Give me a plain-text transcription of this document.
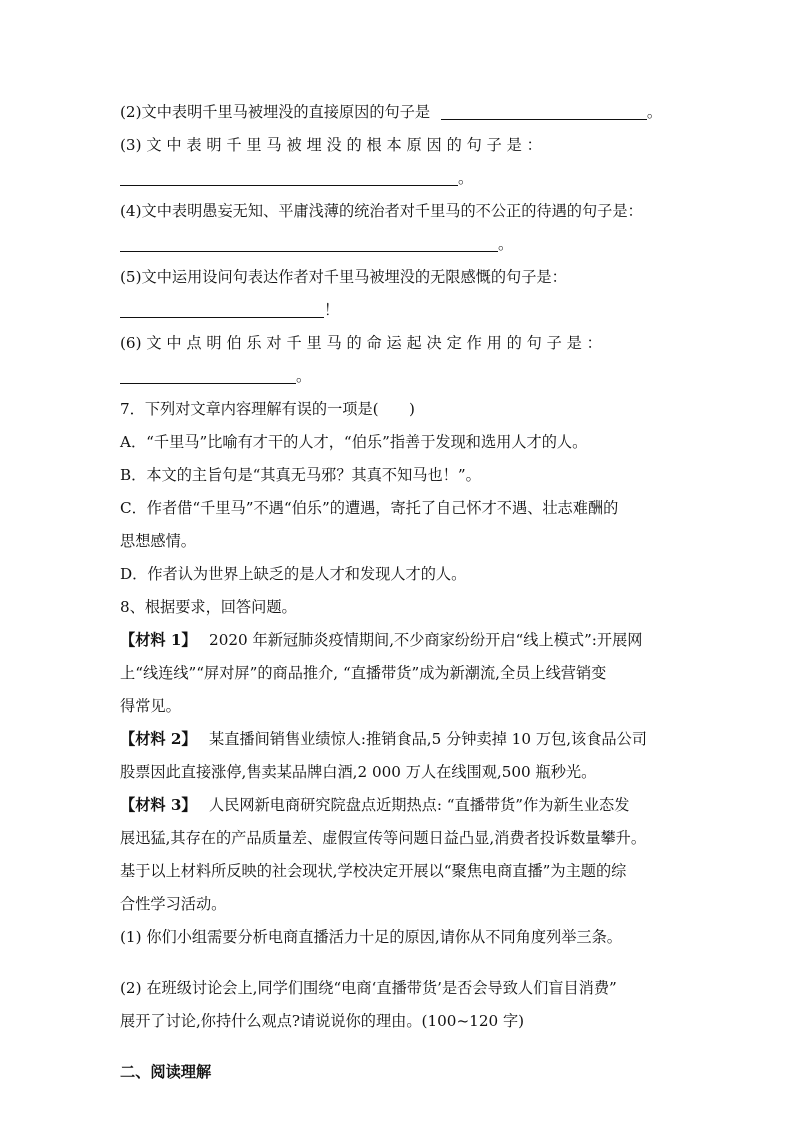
(2)文中表明千里马被埋没的直接原因的句子是	。
(3) 文 中 表 明 千 里 马 被 埋 没 的 根 本 原 因 的 句 子 是 ：
。
(4)文中表明愚妄无知、平庸浅薄的统治者对千里马的不公正的待遇的句子是：
。
(5)文中运用设问句表达作者对千里马被埋没的无限感慨的句子是：
！
(6) 文 中 点 明 伯 乐 对 千 里 马 的 命 运 起 决 定 作 用 的 句 子 是 ：
。
7．下列对文章内容理解有误的一项是(　　)
A．“千里马”比喻有才干的人才，“伯乐”指善于发现和选用人才的人。
B．本文的主旨句是“其真无马邪？其真不知马也！”。
C．作者借“千里马”不遇“伯乐”的遭遇，寄托了自己怀才不遇、壮志难酬的
思想感情。
D．作者认为世界上缺乏的是人才和发现人才的人。
8、根据要求，回答问题。
【材料 1】　 2020 年新冠肺炎疫情期间,不少商家纷纷开启“线上模式”:开展网
上“线连线”“屏对屏”的商品推介, “直播带货”成为新潮流,全员上线营销变
得常见。
【材料 2】　 某直播间销售业绩惊人:推销食品,5 分钟卖掉 10 万包,该食品公司
股票因此直接涨停,售卖某品牌白酒,2 000 万人在线围观,500 瓶秒光。
【材料 3】　 人民网新电商研究院盘点近期热点: “直播带货”作为新生业态发
展迅猛,其存在的产品质量差、虚假宣传等问题日益凸显,消费者投诉数量攀升。
基于以上材料所反映的社会现状,学校决定开展以“聚焦电商直播”为主题的综
合性学习活动。
(1) 你们小组需要分析电商直播活力十足的原因,请你从不同角度列举三条。
(2) 在班级讨论会上,同学们围绕“电商‘直播带货’是否会导致人们盲目消费”
展开了讨论,你持什么观点?请说说你的理由。(100~120 字)
二、阅读理解
